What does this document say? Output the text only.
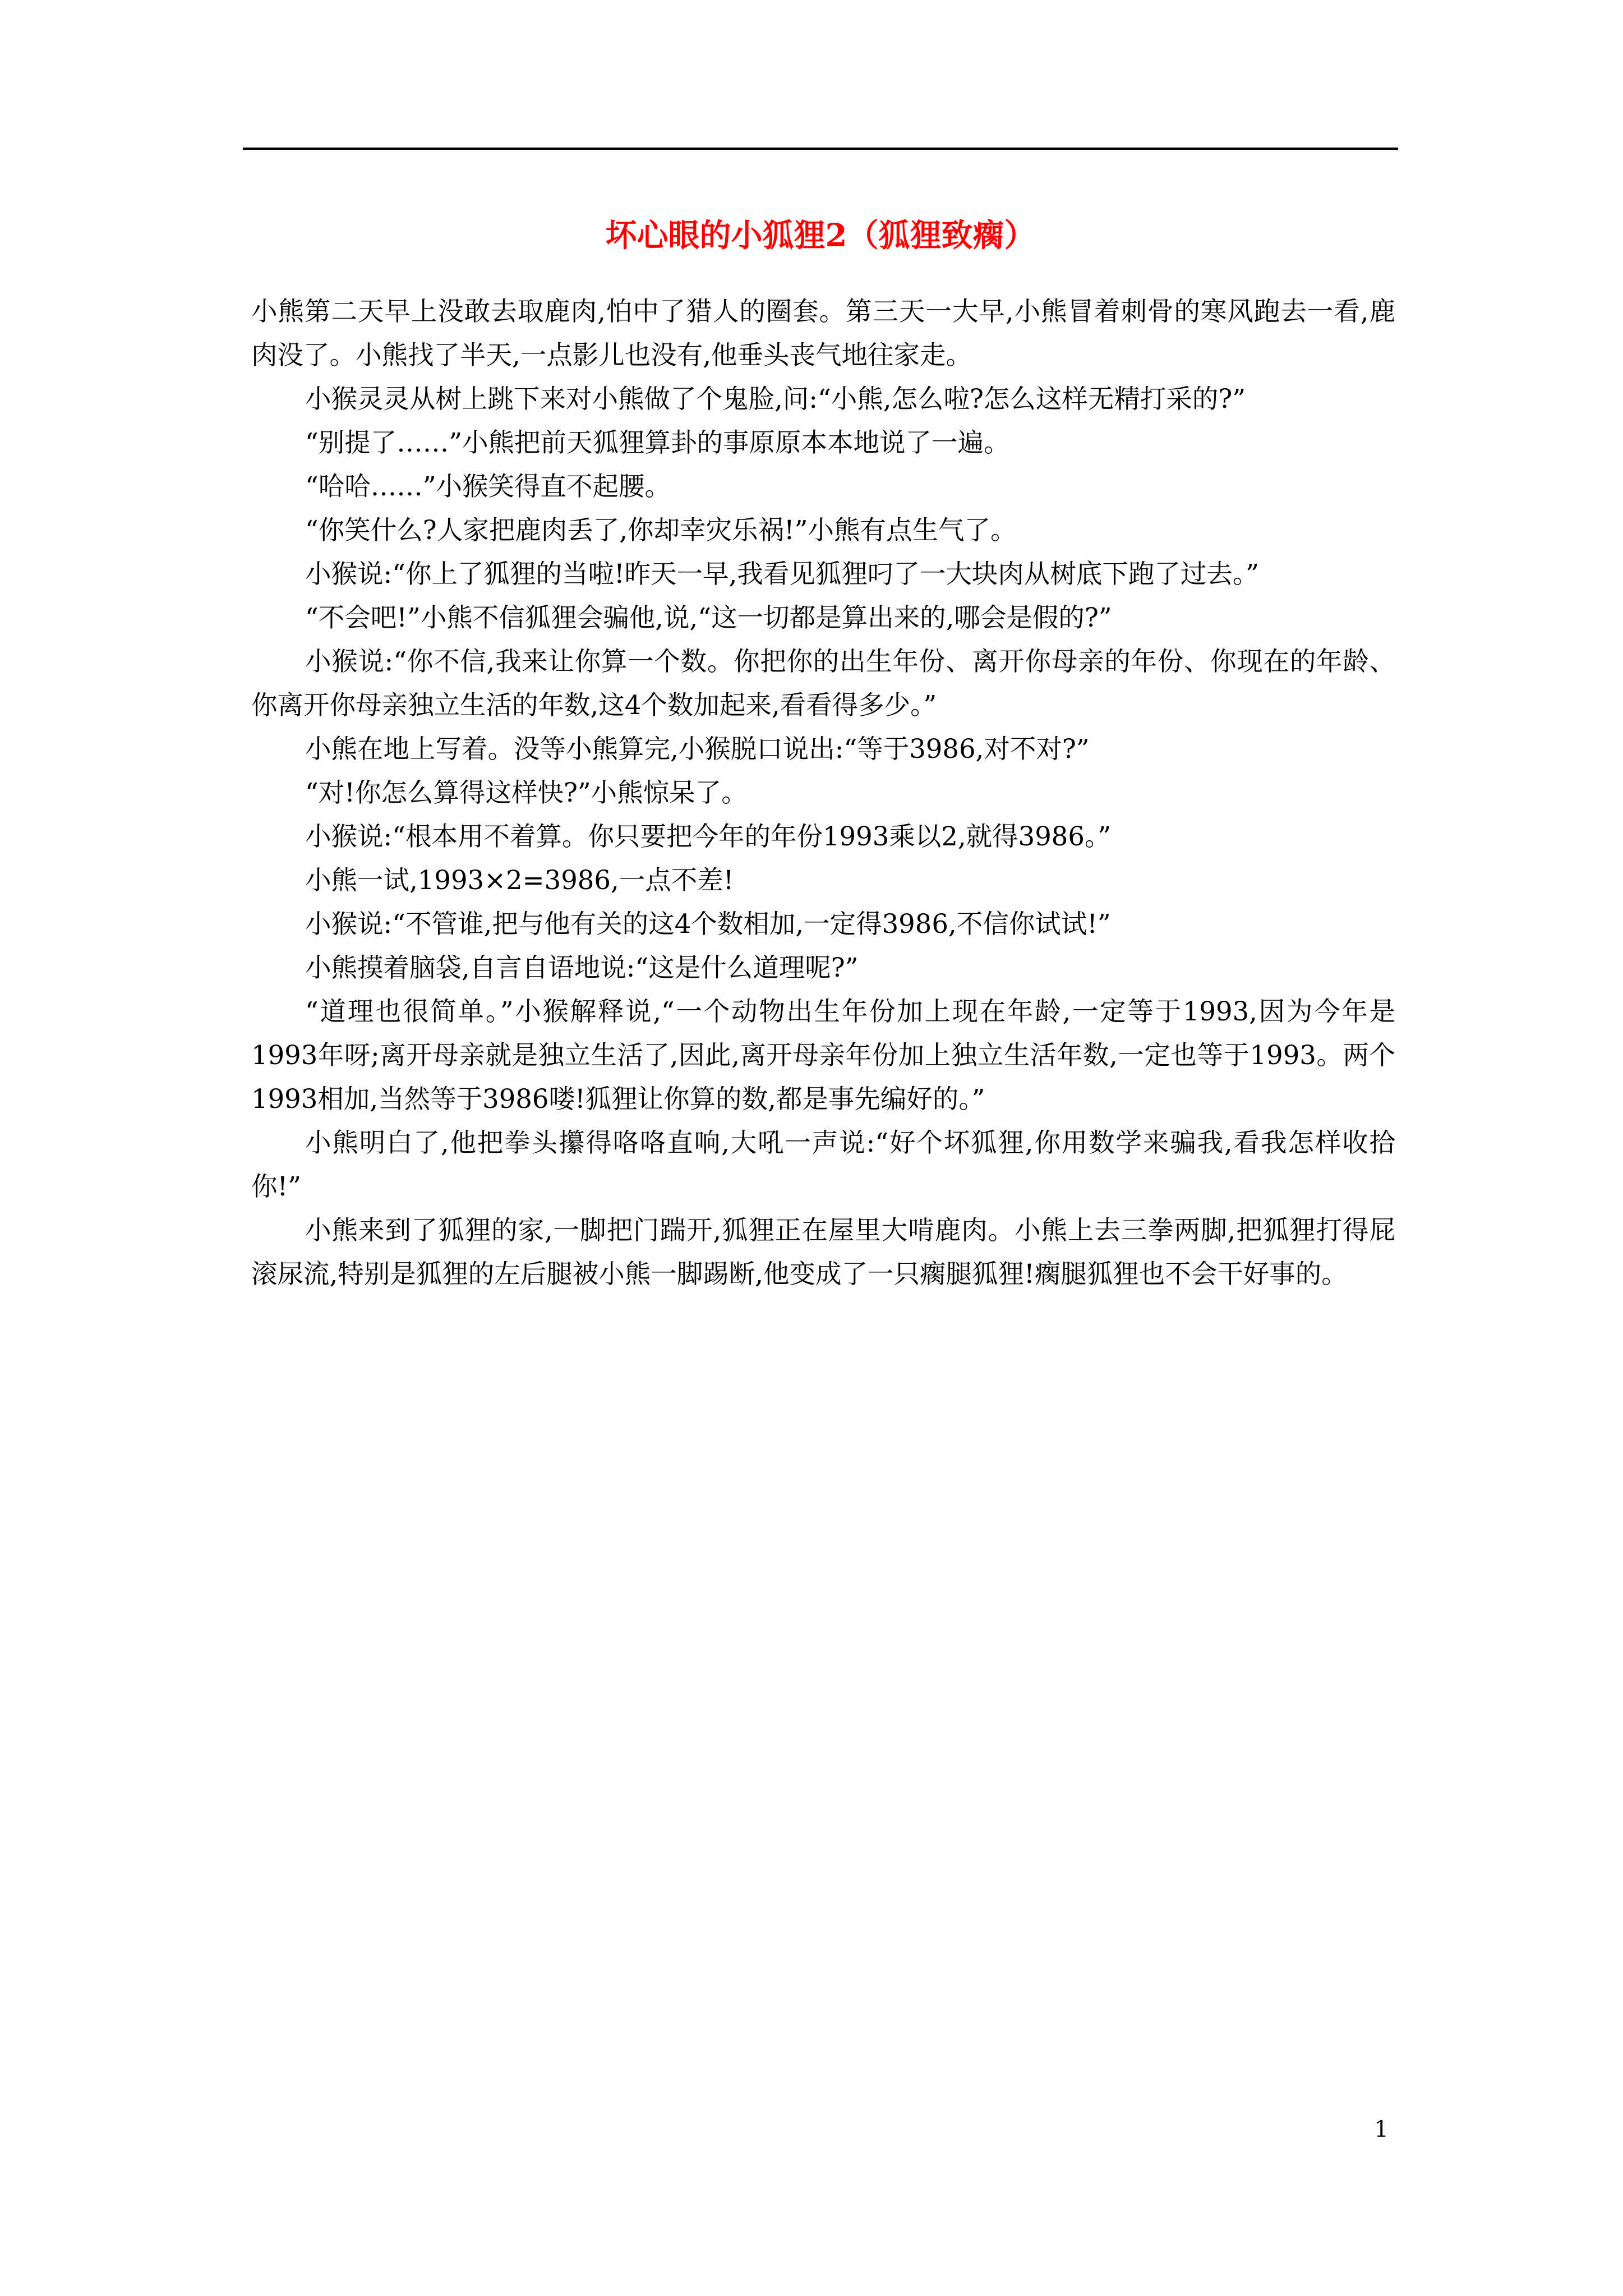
坏心眼的小狐狸2（狐狸致瘸）

小熊第二天早上没敢去取鹿肉,怕中了猎人的圈套。第三天一大早,小熊冒着刺骨的寒风跑去一看,鹿肉没了。小熊找了半天,一点影儿也没有,他垂头丧气地往家走。

小猴灵灵从树上跳下来对小熊做了个鬼脸,问:“小熊,怎么啦?怎么这样无精打采的?”

“别提了……”小熊把前天狐狸算卦的事原原本本地说了一遍。

“哈哈……”小猴笑得直不起腰。

“你笑什么?人家把鹿肉丢了,你却幸灾乐祸!”小熊有点生气了。

小猴说:“你上了狐狸的当啦!昨天一早,我看见狐狸叼了一大块肉从树底下跑了过去。”

“不会吧!”小熊不信狐狸会骗他,说,“这一切都是算出来的,哪会是假的?”

小猴说:“你不信,我来让你算一个数。你把你的出生年份、离开你母亲的年份、你现在的年龄、你离开你母亲独立生活的年数,这4个数加起来,看看得多少。”

小熊在地上写着。没等小熊算完,小猴脱口说出:“等于3986,对不对?”

“对!你怎么算得这样快?”小熊惊呆了。

小猴说:“根本用不着算。你只要把今年的年份1993乘以2,就得3986。”

小熊一试,1993×2=3986,一点不差!

小猴说:“不管谁,把与他有关的这4个数相加,一定得3986,不信你试试!”

小熊摸着脑袋,自言自语地说:“这是什么道理呢?”

“道理也很简单。”小猴解释说,“一个动物出生年份加上现在年龄,一定等于1993,因为今年是1993年呀;离开母亲就是独立生活了,因此,离开母亲年份加上独立生活年数,一定也等于1993。两个1993相加,当然等于3986喽!狐狸让你算的数,都是事先编好的。”

小熊明白了,他把拳头攥得咯咯直响,大吼一声说:“好个坏狐狸,你用数学来骗我,看我怎样收拾你!”

小熊来到了狐狸的家,一脚把门踹开,狐狸正在屋里大啃鹿肉。小熊上去三拳两脚,把狐狸打得屁滚尿流,特别是狐狸的左后腿被小熊一脚踢断,他变成了一只瘸腿狐狸!瘸腿狐狸也不会干好事的。

1
